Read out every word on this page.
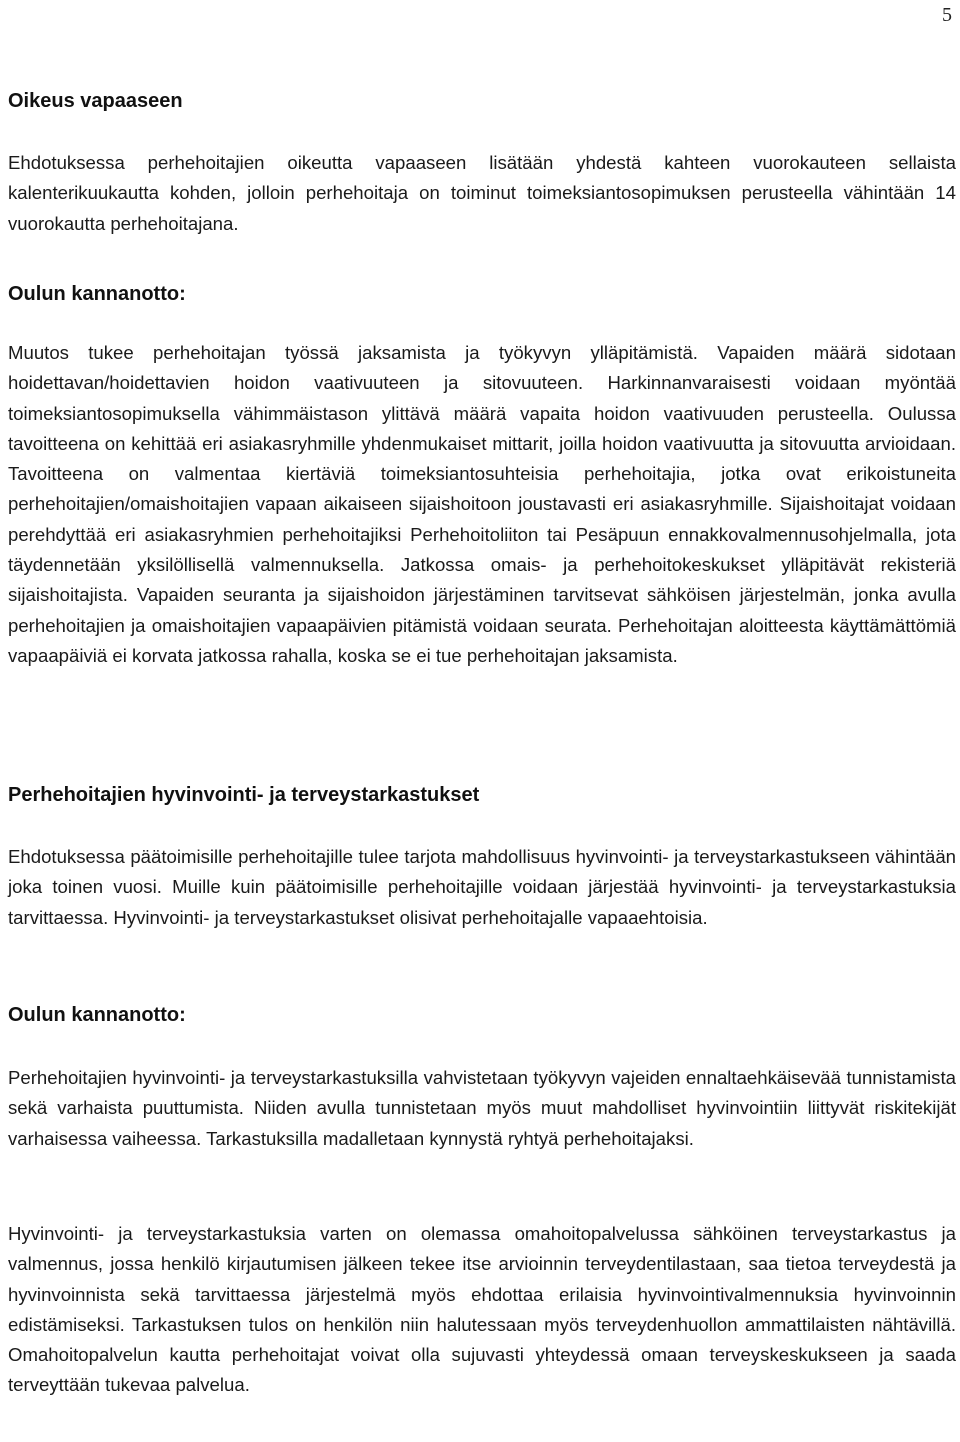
5
Oikeus vapaaseen

Ehdotuksessa perhehoitajien oikeutta vapaaseen lisätään yhdestä kahteen vuorokauteen sellaista kalenterikuukautta kohden, jolloin perhehoitaja on toiminut toimeksiantosopimuksen perusteella vähintään 14 vuorokautta perhehoitajana.

Oulun kannanotto:

Muutos tukee perhehoitajan työssä jaksamista ja työkyvyn ylläpitämistä. Vapaiden määrä sidotaan hoidettavan/hoidettavien hoidon vaativuuteen ja sitovuuteen. Harkinnanvaraisesti voidaan myöntää toimeksiantosopimuksella vähimmäistason ylittävä määrä vapaita hoidon vaativuuden perusteella. Oulussa tavoitteena on kehittää eri asiakasryhmille yhdenmukaiset mittarit, joilla hoidon vaativuutta ja sitovuutta arvioidaan. Tavoitteena on valmentaa kiertäviä toimeksiantosuhteisia perhehoitajia, jotka ovat erikoistuneita perhehoitajien/omaishoitajien vapaan aikaiseen sijaishoitoon joustavasti eri asiakasryhmille. Sijaishoitajat voidaan perehdyttää eri asiakasryhmien perhehoitajiksi Perhehoitoliiton tai Pesäpuun ennakkovalmennusohjelmalla, jota täydennetään yksilöllisellä valmennuksella. Jatkossa omais- ja perhehoitokeskukset ylläpitävät rekisteriä sijaishoitajista. Vapaiden seuranta ja sijaishoidon järjestäminen tarvitsevat sähköisen järjestelmän, jonka avulla perhehoitajien ja omaishoitajien vapaapäivien pitämistä voidaan seurata. Perhehoitajan aloitteesta käyttämättömiä vapaapäiviä ei korvata jatkossa rahalla, koska se ei tue perhehoitajan jaksamista.

Perhehoitajien hyvinvointi- ja terveystarkastukset

Ehdotuksessa päätoimisille perhehoitajille tulee tarjota mahdollisuus hyvinvointi- ja terveystarkastukseen vähintään joka toinen vuosi. Muille kuin päätoimisille perhehoitajille voidaan järjestää hyvinvointi- ja terveystarkastuksia tarvittaessa. Hyvinvointi- ja terveystarkastukset olisivat perhehoitajalle vapaaehtoisia.

Oulun kannanotto:

Perhehoitajien hyvinvointi- ja terveystarkastuksilla vahvistetaan työkyvyn vajeiden ennaltaehkäisevää tunnistamista sekä varhaista puuttumista. Niiden avulla tunnistetaan myös muut mahdolliset hyvinvointiin liittyvät riskitekijät varhaisessa vaiheessa. Tarkastuksilla madalletaan kynnystä ryhtyä perhehoitajaksi.

Hyvinvointi- ja terveystarkastuksia varten on olemassa omahoitopalvelussa sähköinen terveystarkastus ja valmennus, jossa henkilö kirjautumisen jälkeen tekee itse arvioinnin terveydentilastaan, saa tietoa terveydestä ja hyvinvoinnista sekä tarvittaessa järjestelmä myös ehdottaa erilaisia hyvinvointivalmennuksia hyvinvoinnin edistämiseksi. Tarkastuksen tulos on henkilön niin halutessaan myös terveydenhuollon ammattilaisten nähtävillä. Omahoitopalvelun kautta perhehoitajat voivat olla sujuvasti yhteydessä omaan terveyskeskukseen ja saada terveyttään tukevaa palvelua.
